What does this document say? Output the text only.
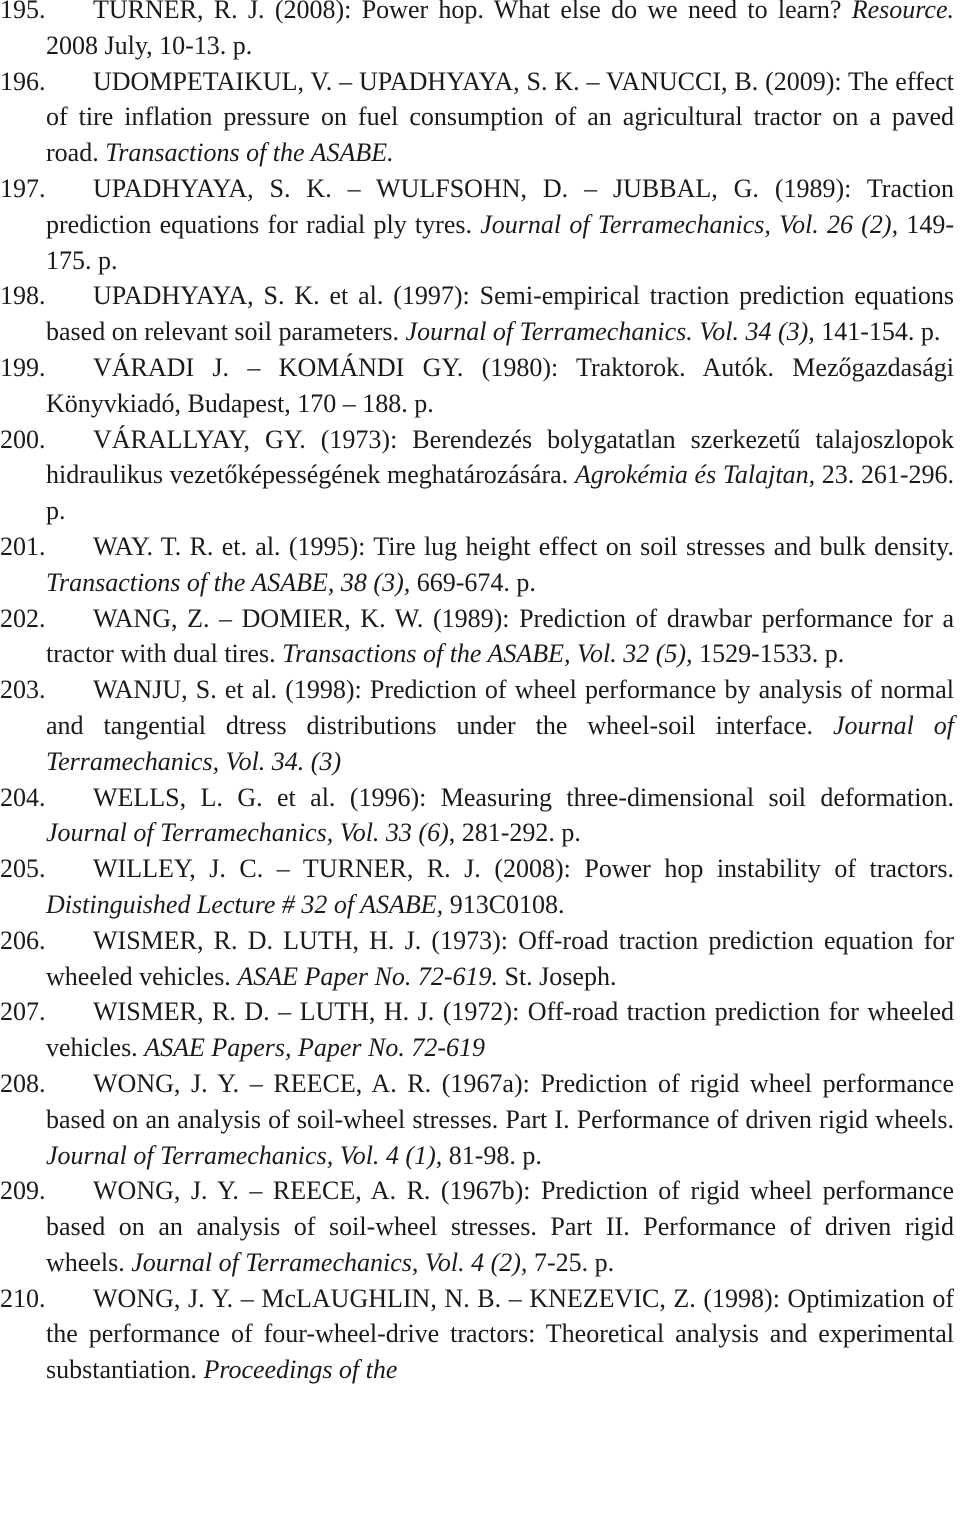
195. TURNER, R. J. (2008): Power hop. What else do we need to learn? Resource. 2008 July, 10-13. p.

196. UDOMPETAIKUL, V. – UPADHYAYA, S. K. – VANUCCI, B. (2009): The effect of tire inflation pressure on fuel consumption of an agricultural tractor on a paved road. Transactions of the ASABE.

197. UPADHYAYA, S. K. – WULFSOHN, D. – JUBBAL, G. (1989): Traction prediction equations for radial ply tyres. Journal of Terramechanics, Vol. 26 (2), 149-175. p.

198. UPADHYAYA, S. K. et al. (1997): Semi-empirical traction prediction equations based on relevant soil parameters. Journal of Terramechanics. Vol. 34 (3), 141-154. p.

199. VÁRADI J. – KOMÁNDI GY. (1980): Traktorok. Autók. Mezőgazdasági Könyvkiadó, Budapest, 170 – 188. p.

200. VÁRALLYAY, GY. (1973): Berendezés bolygatatlan szerkezetű talajoszlopok hidraulikus vezetőképességének meghatározására. Agrokémia és Talajtan, 23. 261-296. p.

201. WAY. T. R. et. al. (1995): Tire lug height effect on soil stresses and bulk density. Transactions of the ASABE, 38 (3), 669-674. p.

202. WANG, Z. – DOMIER, K. W. (1989): Prediction of drawbar performance for a tractor with dual tires. Transactions of the ASABE, Vol. 32 (5), 1529-1533. p.

203. WANJU, S. et al. (1998): Prediction of wheel performance by analysis of normal and tangential dtress distributions under the wheel-soil interface. Journal of Terramechanics, Vol. 34. (3)

204. WELLS, L. G. et al. (1996): Measuring three-dimensional soil deformation. Journal of Terramechanics, Vol. 33 (6), 281-292. p.

205. WILLEY, J. C. – TURNER, R. J. (2008): Power hop instability of tractors. Distinguished Lecture # 32 of ASABE, 913C0108.

206. WISMER, R. D. LUTH, H. J. (1973): Off-road traction prediction equation for wheeled vehicles. ASAE Paper No. 72-619. St. Joseph.

207. WISMER, R. D. – LUTH, H. J. (1972): Off-road traction prediction for wheeled vehicles. ASAE Papers, Paper No. 72-619

208. WONG, J. Y. – REECE, A. R. (1967a): Prediction of rigid wheel performance based on an analysis of soil-wheel stresses. Part I. Performance of driven rigid wheels. Journal of Terramechanics, Vol. 4 (1), 81-98. p.

209. WONG, J. Y. – REECE, A. R. (1967b): Prediction of rigid wheel performance based on an analysis of soil-wheel stresses. Part II. Performance of driven rigid wheels. Journal of Terramechanics, Vol. 4 (2), 7-25. p.

210. WONG, J. Y. – McLAUGHLIN, N. B. – KNEZEVIC, Z. (1998): Optimization of the performance of four-wheel-drive tractors: Theoretical analysis and experimental substantiation. Proceedings of the
